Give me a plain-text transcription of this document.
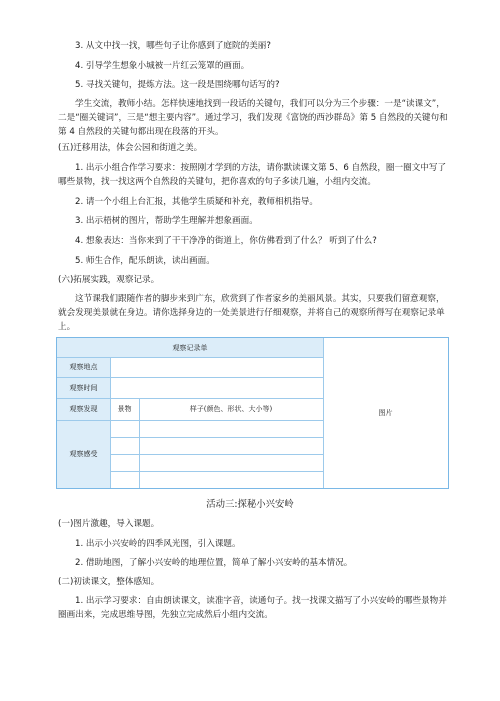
3. 从文中找一找，哪些句子让你感到了庭院的美丽?
4. 引导学生想象小城被一片红云笼罩的画面。
5. 寻找关键句，提炼方法。这一段是围绕哪句话写的?
学生交流，教师小结。怎样快速地找到一段话的关键句，我们可以分为三个步骤：一是“读课文”，二是“圈关键词”，三是“想主要内容”。通过学习，我们发现《富饶的西沙群岛》第 5 自然段的关键句和第 4 自然段的关键句都出现在段落的开头。
(五)迁移用法，体会公园和街道之美。
1. 出示小组合作学习要求：按照刚才学到的方法，请你默读课文第 5、6 自然段，圈一圈文中写了哪些景物，找一找这两个自然段的关键句，把你喜欢的句子多读几遍，小组内交流。
2. 请一个小组上台汇报，其他学生质疑和补充，教师相机指导。
3. 出示梧树的图片，帮助学生理解并想象画面。
4. 想象表达：当你来到了干干净净的街道上，你仿佛看到了什么？ 听到了什么?
5. 师生合作，配乐朗读，读出画面。
(六)拓展实践，观察记录。
这节课我们跟随作者的脚步来到广东，欣赏到了作者家乡的美丽风景。其实，只要我们留意观察，就会发现美景就在身边。请你选择身边的一处美景进行仔细观察，并将自己的观察所得写在观察记录单上。
观察记录单
图片
观察地点
观察时间
观察发现	景物	样子(颜色、形状、大小等)
观察感受
活动三:探秘小兴安岭
(一)图片激趣，导入课题。
1. 出示小兴安岭的四季风光图，引入课题。
2. 借助地图，了解小兴安岭的地理位置，简单了解小兴安岭的基本情况。
(二)初读课文，整体感知。
1. 出示学习要求：自由朗读课文，读准字音，读通句子。找一找课文描写了小兴安岭的哪些景物并圈画出来，完成思维导图，先独立完成然后小组内交流。
